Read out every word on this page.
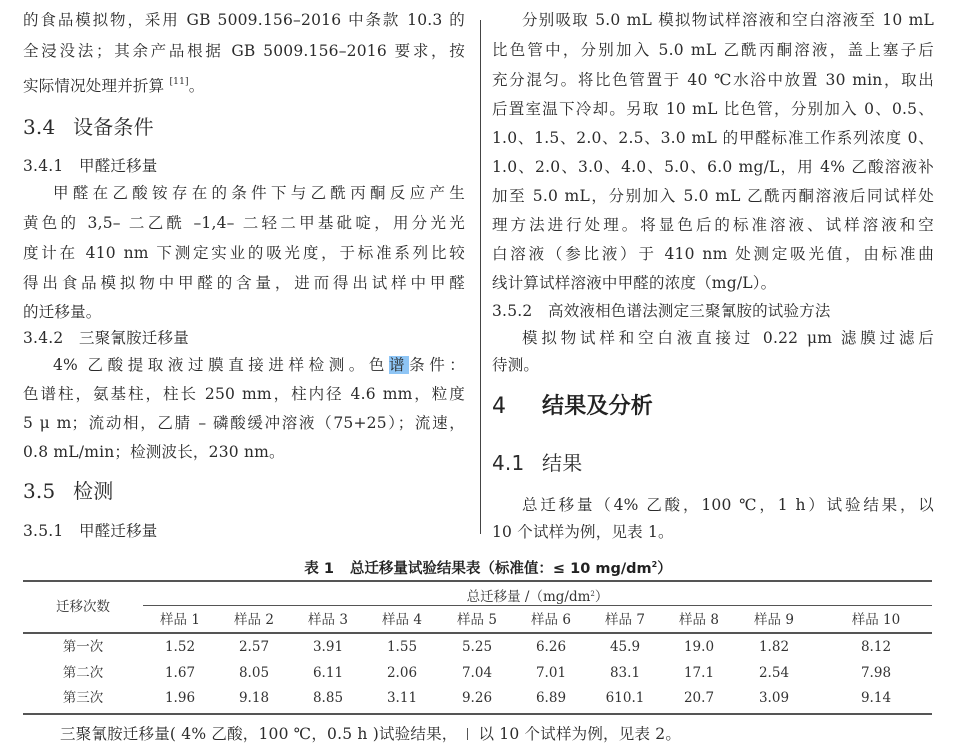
的食品模拟物，采用 GB 5009.156–2016 中条款 10.3 的
全浸没法；其余产品根据 GB 5009.156–2016 要求，按
实际情况处理并折算 [11]。
3.4 设备条件
3.4.1 甲醛迁移量
甲醛在乙酸铵存在的条件下与乙酰丙酮反应产生
黄色的 3,5– 二乙酰 –1,4– 二轻二甲基砒啶，用分光光
度计在 410 nm 下测定实业的吸光度，于标准系列比较
得出食品模拟物中甲醛的含量，进而得出试样中甲醛
的迁移量。
3.4.2 三聚氰胺迁移量
4% 乙酸提取液过膜直接进样检测。色谱条件：
色谱柱，氨基柱，柱长 250 mm，柱内径 4.6 mm，粒度
5 μ m；流动相，乙腈 – 磷酸缓冲溶液（75+25）；流速，
0.8 mL/min；检测波长，230 nm。
3.5 检测
3.5.1 甲醛迁移量
分别吸取 5.0 mL 模拟物试样溶液和空白溶液至 10 mL
比色管中，分别加入 5.0 mL 乙酰丙酮溶液，盖上塞子后
充分混匀。将比色管置于 40 ℃水浴中放置 30 min，取出
后置室温下冷却。另取 10 mL 比色管，分别加入 0、0.5、
1.0、1.5、2.0、2.5、3.0 mL 的甲醛标准工作系列浓度 0、
1.0、2.0、3.0、4.0、5.0、6.0 mg/L，用 4% 乙酸溶液补
加至 5.0 mL，分别加入 5.0 mL 乙酰丙酮溶液后同试样处
理方法进行处理。将显色后的标准溶液、试样溶液和空
白溶液（参比液）于 410 nm 处测定吸光值，由标准曲
线计算试样溶液中甲醛的浓度（mg/L）。
3.5.2 高效液相色谱法测定三聚氰胺的试验方法
模拟物试样和空白液直接过 0.22 μm 滤膜过滤后
待测。
4 结果及分析
4.1 结果
总迁移量（4% 乙酸，100 ℃，1 h）试验结果，以
10 个试样为例，见表 1。
表 1 总迁移量试验结果表（标准值：≤ 10 $mg/dm^2$）
迁移次数
总迁移量 $/(mg/dm^2)$
样品 1	样品 2	样品 3	样品 4	样品 5	样品 6	样品 7	样品 8	样品 9	样品 10
第一次	1.52	2.57	3.91	1.55	5.25	6.26	45.9	19.0	1.82	8.12
第二次	1.67	8.05	6.11	2.06	7.04	7.01	83.1	17.1	2.54	7.98
第三次	1.96	9.18	8.85	3.11	9.26	6.89	610.1	20.7	3.09	9.14
三聚氰胺迁移量( 4% 乙酸，100 ℃，0.5 h )试验结果， 以 10 个试样为例，见表 2。
